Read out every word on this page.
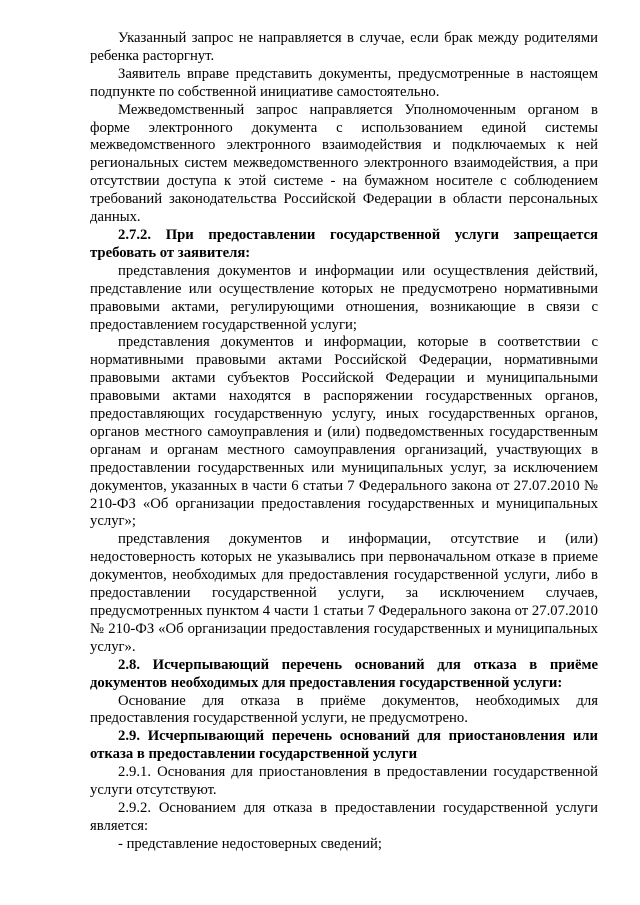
Указанный запрос не направляется в случае, если брак между родителями ребенка расторгнут.

Заявитель вправе представить документы, предусмотренные в настоящем подпункте по собственной инициативе самостоятельно.

Межведомственный запрос направляется Уполномоченным органом в форме электронного документа с использованием единой системы межведомственного электронного взаимодействия и подключаемых к ней региональных систем межведомственного электронного взаимодействия, а при отсутствии доступа к этой системе - на бумажном носителе с соблюдением требований законодательства Российской Федерации в области персональных данных.

2.7.2. При предоставлении государственной услуги запрещается требовать от заявителя:

представления документов и информации или осуществления действий, представление или осуществление которых не предусмотрено нормативными правовыми актами, регулирующими отношения, возникающие в связи с предоставлением государственной услуги;

представления документов и информации, которые в соответствии с нормативными правовыми актами Российской Федерации, нормативными правовыми актами субъектов Российской Федерации и муниципальными правовыми актами находятся в распоряжении государственных органов, предоставляющих государственную услугу, иных государственных органов, органов местного самоуправления и (или) подведомственных государственным органам и органам местного самоуправления организаций, участвующих в предоставлении государственных или муниципальных услуг, за исключением документов, указанных в части 6 статьи 7 Федерального закона от 27.07.2010 № 210-ФЗ «Об организации предоставления государственных и муниципальных услуг»;

представления документов и информации, отсутствие и (или) недостоверность которых не указывались при первоначальном отказе в приеме документов, необходимых для предоставления государственной услуги, либо в предоставлении государственной услуги, за исключением случаев, предусмотренных пунктом 4 части 1 статьи 7 Федерального закона от 27.07.2010 № 210-ФЗ «Об организации предоставления государственных и муниципальных услуг».

2.8. Исчерпывающий перечень оснований для отказа в приёме документов необходимых для предоставления государственной услуги:

Основание для отказа в приёме документов, необходимых для предоставления государственной услуги, не предусмотрено.

2.9. Исчерпывающий перечень оснований для приостановления или отказа в предоставлении государственной услуги

2.9.1. Основания для приостановления в предоставлении государственной услуги отсутствуют.

2.9.2. Основанием для отказа в предоставлении государственной услуги является:

- представление недостоверных сведений;
